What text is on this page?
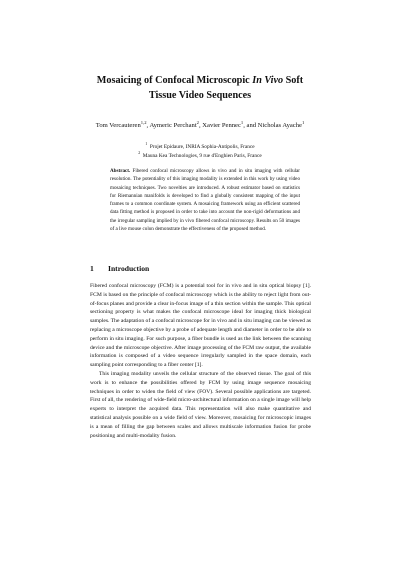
Mosaicing of Confocal Microscopic In Vivo Soft
Tissue Video Sequences
Tom Vercauteren$^{1,2}$, Aymeric Perchant$^2$, Xavier Pennec$^1$, and Nicholas Ayache$^1$
$^1$ Projet Epidaure, INRIA Sophia-Antipolis, France
$^2$ Mauna Kea Technologies, 9 rue d'Enghien Paris, France
Abstract. Fibered confocal microscopy allows in vivo and in situ imaging with cellular resolution. The potentiality of this imaging modality is extended in this work by using video mosaicing techniques. Two novelties are introduced. A robust estimator based on statistics for Riemannian manifolds is developed to find a globally consistent mapping of the input frames to a common coordinate system. A mosaicing framework using an efficient scattered data fitting method is proposed in order to take into account the non-rigid deformations and the irregular sampling implied by in vivo fibered confocal microscopy. Results on 50 images of a live mouse colon demonstrate the effectiveness of the proposed method.
1 Introduction

Fibered confocal microscopy (FCM) is a potential tool for in vivo and in situ optical biopsy [1]. FCM is based on the principle of confocal microscopy which is the ability to reject light from out-of-focus planes and provide a clear in-focus image of a thin section within the sample. This optical sectioning property is what makes the confocal microscope ideal for imaging thick biological samples. The adaptation of a confocal microscope for in vivo and in situ imaging can be viewed as replacing a microscope objective by a probe of adequate length and diameter in order to be able to perform in situ imaging. For such purpose, a fiber bundle is used as the link between the scanning device and the microscope objective. After image processing of the FCM raw output, the available information is composed of a video sequence irregularly sampled in the space domain, each sampling point corresponding to a fiber center [1].

This imaging modality unveils the cellular structure of the observed tissue. The goal of this work is to enhance the possibilities offered by FCM by using image sequence mosaicing techniques in order to widen the field of view (FOV). Several possible applications are targeted. First of all, the rendering of wide-field micro-architectural information on a single image will help experts to interpret the acquired data. This representation will also make quantitative and statistical analysis possible on a wide field of view. Moreover, mosaicing for microscopic images is a mean of filling the gap between scales and allows multiscale information fusion for probe positioning and multi-modality fusion.
